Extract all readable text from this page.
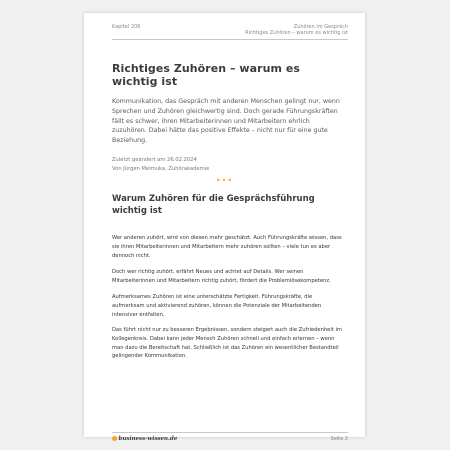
Kapitel 206	Zuhören im Gespräch
Richtiges Zuhören – warum es wichtig ist
Richtiges Zuhören – warum es wichtig ist

Kommunikation, das Gespräch mit anderen Menschen gelingt nur, wenn Sprechen und Zuhören gleichwertig sind. Doch gerade Führungskräften fällt es schwer, ihren Mitarbeiterinnen und Mitarbeitern ehrlich zuzuhören. Dabei hätte das positive Effekte – nicht nur für eine gute Beziehung.

Zuletzt geändert am 26.02.2024
Von Jürgen Melmuka, Zuhörakademie
•••
Warum Zuhören für die Gesprächsführung wichtig ist

Wer anderen zuhört, wird von diesen mehr geschätzt. Auch Führungskräfte wissen, dass sie ihren Mitarbeiterinnen und Mitarbeitern mehr zuhören sollten – viele tun es aber dennoch nicht.

Doch wer richtig zuhört, erfährt Neues und achtet auf Details. Wer seinen Mitarbeiterinnen und Mitarbeitern richtig zuhört, fördert die Problemlösekompetenz.

Aufmerksames Zuhören ist eine unterschätzte Fertigkeit. Führungskräfte, die aufmerksam und aktivierend zuhören, können die Potenziale der Mitarbeitenden intensiver entfalten.

Das führt nicht nur zu besseren Ergebnissen, sondern steigert auch die Zufriedenheit im Kollegenkreis. Dabei kann jeder Mensch Zuhören schnell und einfach erlernen – wenn man dazu die Bereitschaft hat. Schließlich ist das Zuhören ein wesentlicher Bestandteil gelingender Kommunikation.

business-wissen.de	Seite 2
